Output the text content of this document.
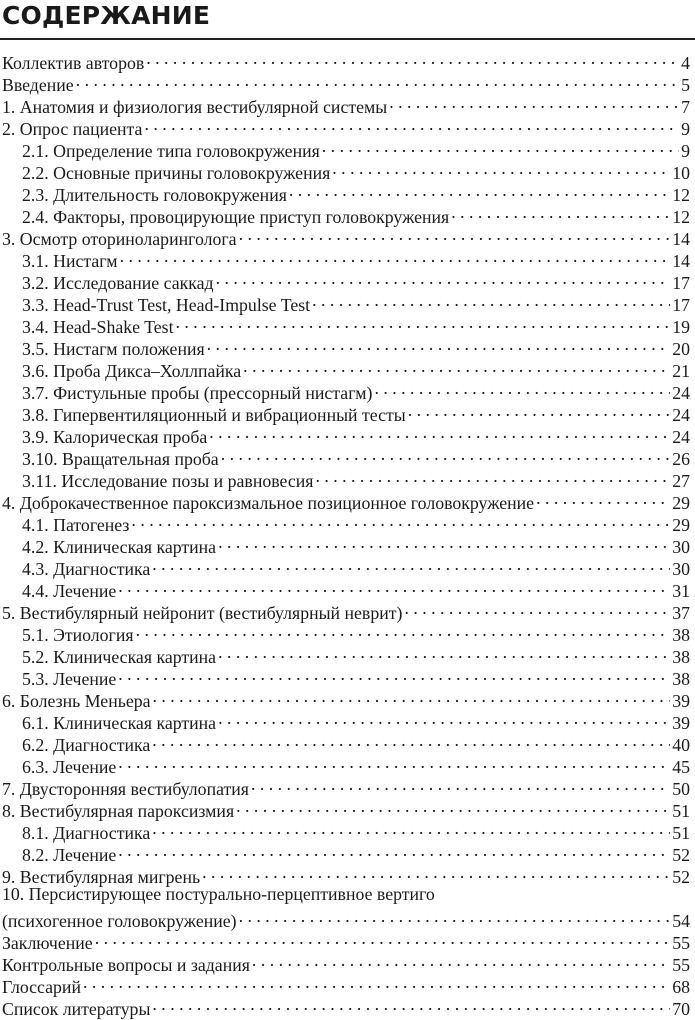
СОДЕРЖАНИЕ
Коллектив авторов . . .	4
Введение . . .	5
1. Анатомия и физиология вестибулярной системы . . .	7
2. Опрос пациента . . .	9
2.1. Определение типа головокружения . . .	9
2.2. Основные причины головокружения . . .	10
2.3. Длительность головокружения . . .	12
2.4. Факторы, провоцирующие приступ головокружения . . .	12
3. Осмотр оториноларинголога . . .	14
3.1. Нистагм . . .	14
3.2. Исследование саккад . . .	17
3.3. Head-Trust Test, Head-Impulse Test . . .	17
3.4. Head-Shake Test . . .	19
3.5. Нистагм положения . . .	20
3.6. Проба Дикса–Холлпайка . . .	21
3.7. Фистульные пробы (прессорный нистагм) . . .	24
3.8. Гипервентиляционный и вибрационный тесты . . .	24
3.9. Калорическая проба . . .	24
3.10. Вращательная проба . . .	26
3.11. Исследование позы и равновесия . . .	27
4. Доброкачественное пароксизмальное позиционное головокружение . . .	29
4.1. Патогенез . . .	29
4.2. Клиническая картина . . .	30
4.3. Диагностика . . .	30
4.4. Лечение . . .	31
5. Вестибулярный нейронит (вестибулярный неврит) . . .	37
5.1. Этиология . . .	38
5.2. Клиническая картина . . .	38
5.3. Лечение . . .	38
6. Болезнь Меньера . . .	39
6.1. Клиническая картина . . .	39
6.2. Диагностика . . .	40
6.3. Лечение . . .	45
7. Двусторонняя вестибулопатия . . .	50
8. Вестибулярная пароксизмия . . .	51
8.1. Диагностика . . .	51
8.2. Лечение . . .	52
9. Вестибулярная мигрень . . .	52
10. Персистирующее постурально-перцептивное вертиго
(психогенное головокружение) . . .	54
Заключение . . .	55
Контрольные вопросы и задания . . .	55
Глоссарий . . .	68
Список литературы . . .	70
